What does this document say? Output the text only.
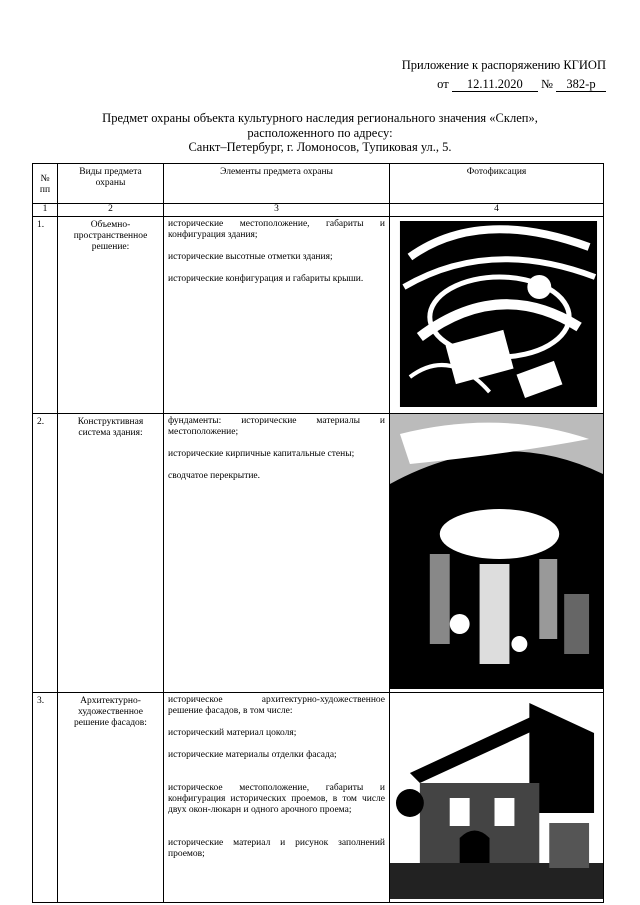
Приложение к распоряжению КГИОП
от 12.11.2020 № 382-р
Предмет охраны объекта культурного наследия регионального значения «Склеп»,
расположенного по адресу:
Санкт–Петербург, г. Ломоносов, Тупиковая ул., 5.
№ пп	Виды предмета охраны	Элементы предмета охраны	Фотофиксация

1	2	3	4
1.	Объемно-пространственное решение:	исторические местоположение, габариты и конфигурация здания;

исторические высотные отметки здания;

исторические конфигурация и габариты крыши.

2.	Конструктивная система здания:	фундаменты: исторические материалы и местоположение;

исторические кирпичные капитальные стены;

сводчатое перекрытие.

3.	Архитектурно-художественное решение фасадов:	историческое архитектурно-художественное решение фасадов, в том числе:

исторический материал цоколя;

исторические материалы отделки фасада;

историческое местоположение, габариты и конфигурация исторических проемов, в том числе двух окон-люкарн и одного арочного проема;

исторические материал и рисунок заполнений проемов;
